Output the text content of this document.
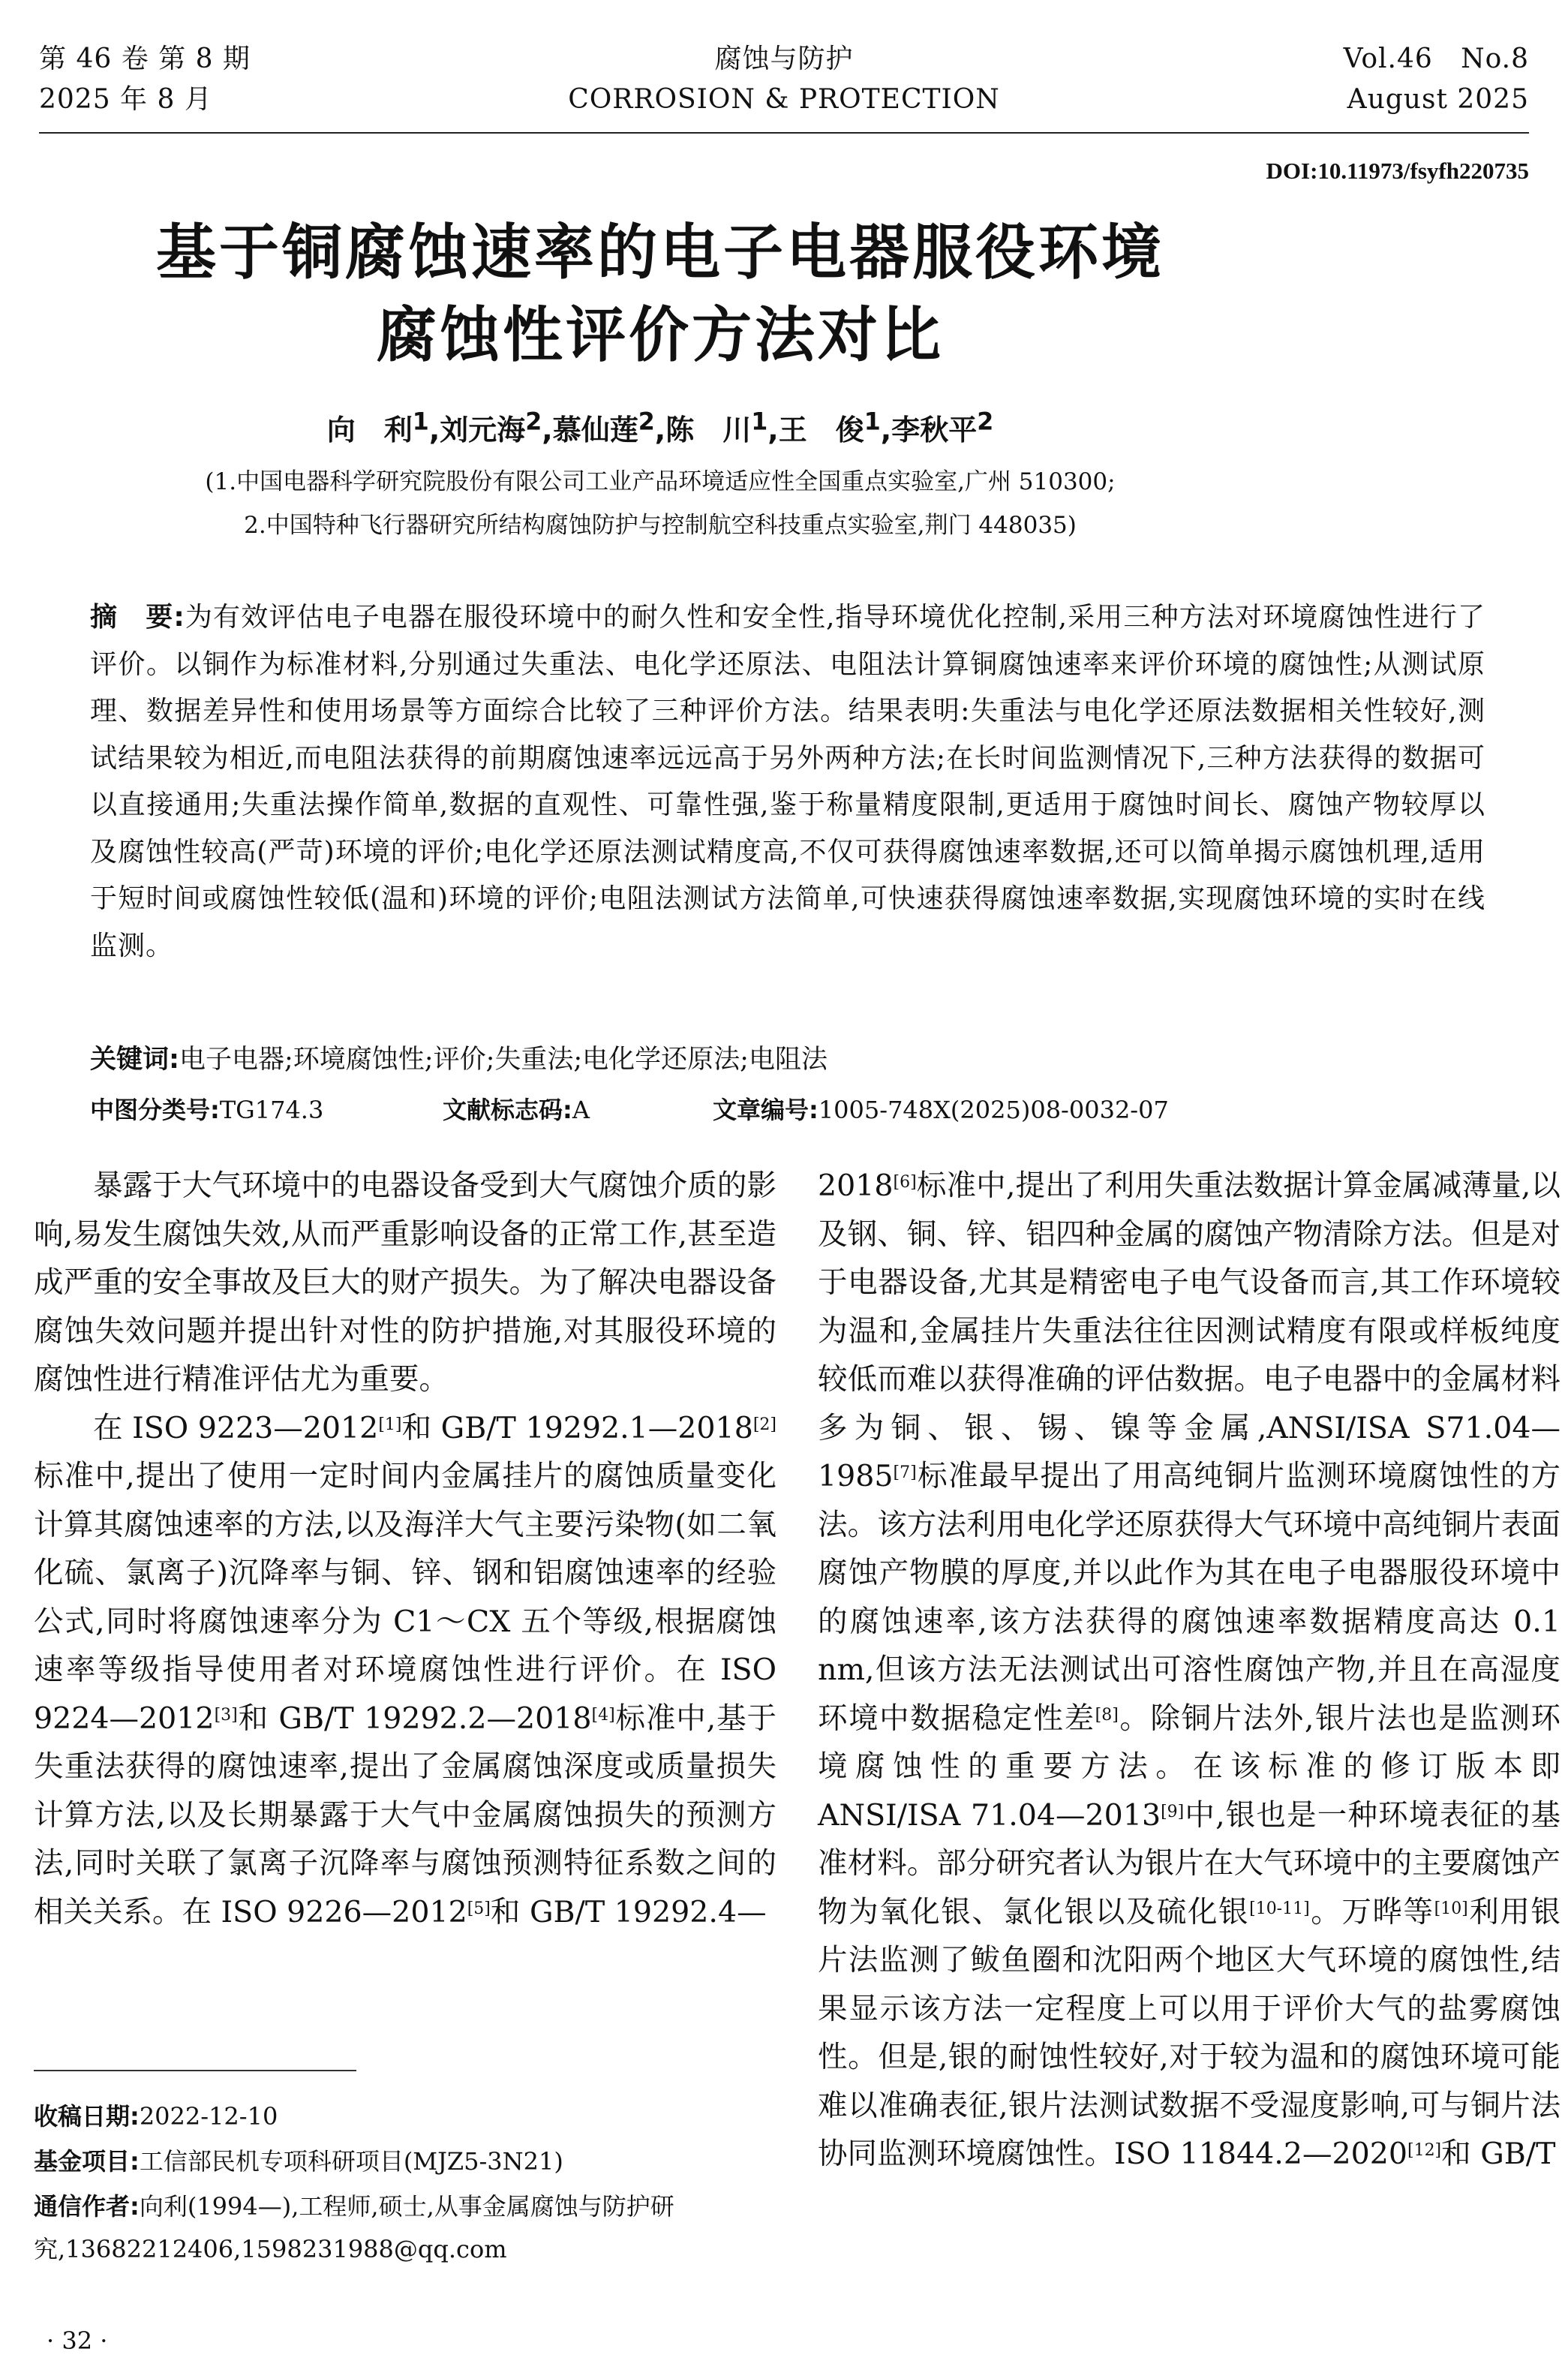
第 46 卷 第 8 期
2025 年 8 月
腐蚀与防护
CORROSION & PROTECTION
Vol.46   No.8
August 2025
DOI:10.11973/fsyfh220735
基于铜腐蚀速率的电子电器服役环境
腐蚀性评价方法对比
向　利$^1$,刘元海$^2$,慕仙莲$^2$,陈　川$^1$,王　俊$^1$,李秋平$^2$
(1.中国电器科学研究院股份有限公司工业产品环境适应性全国重点实验室,广州 510300;
2.中国特种飞行器研究所结构腐蚀防护与控制航空科技重点实验室,荆门 448035)
摘　要:为有效评估电子电器在服役环境中的耐久性和安全性,指导环境优化控制,采用三种方法对环境腐蚀性进行了评价。以铜作为标准材料,分别通过失重法、电化学还原法、电阻法计算铜腐蚀速率来评价环境的腐蚀性;从测试原理、数据差异性和使用场景等方面综合比较了三种评价方法。结果表明:失重法与电化学还原法数据相关性较好,测试结果较为相近,而电阻法获得的前期腐蚀速率远远高于另外两种方法;在长时间监测情况下,三种方法获得的数据可以直接通用;失重法操作简单,数据的直观性、可靠性强,鉴于称量精度限制,更适用于腐蚀时间长、腐蚀产物较厚以及腐蚀性较高(严苛)环境的评价;电化学还原法测试精度高,不仅可获得腐蚀速率数据,还可以简单揭示腐蚀机理,适用于短时间或腐蚀性较低(温和)环境的评价;电阻法测试方法简单,可快速获得腐蚀速率数据,实现腐蚀环境的实时在线监测。
关键词:电子电器;环境腐蚀性;评价;失重法;电化学还原法;电阻法
中图分类号:TG174.3	文献标志码:A	文章编号:1005-748X(2025)08-0032-07

暴露于大气环境中的电器设备受到大气腐蚀介质的影响,易发生腐蚀失效,从而严重影响设备的正常工作,甚至造成严重的安全事故及巨大的财产损失。为了解决电器设备腐蚀失效问题并提出针对性的防护措施,对其服役环境的腐蚀性进行精准评估尤为重要。

在 ISO 9223—2012[1]和 GB/T 19292.1—2018[2]标准中,提出了使用一定时间内金属挂片的腐蚀质量变化计算其腐蚀速率的方法,以及海洋大气主要污染物(如二氧化硫、氯离子)沉降率与铜、锌、钢和铝腐蚀速率的经验公式,同时将腐蚀速率分为 C1～CX 五个等级,根据腐蚀速率等级指导使用者对环境腐蚀性进行评价。在 ISO 9224—2012[3]和 GB/T 19292.2—2018[4]标准中,基于失重法获得的腐蚀速率,提出了金属腐蚀深度或质量损失计算方法,以及长期暴露于大气中金属腐蚀损失的预测方法,同时关联了氯离子沉降率与腐蚀预测特征系数之间的相关关系。在 ISO 9226—2012[5]和 GB/T 19292.4—

2018[6]标准中,提出了利用失重法数据计算金属减薄量,以及钢、铜、锌、铝四种金属的腐蚀产物清除方法。但是对于电器设备,尤其是精密电子电气设备而言,其工作环境较为温和,金属挂片失重法往往因测试精度有限或样板纯度较低而难以获得准确的评估数据。电子电器中的金属材料多为铜、银、锡、镍等金属,ANSI/ISA S71.04—1985[7]标准最早提出了用高纯铜片监测环境腐蚀性的方法。该方法利用电化学还原获得大气环境中高纯铜片表面腐蚀产物膜的厚度,并以此作为其在电子电器服役环境中的腐蚀速率,该方法获得的腐蚀速率数据精度高达 0.1 nm,但该方法无法测试出可溶性腐蚀产物,并且在高湿度环境中数据稳定性差[8]。除铜片法外,银片法也是监测环境腐蚀性的重要方法。在该标准的修订版本即 ANSI/ISA 71.04—2013[9]中,银也是一种环境表征的基准材料。部分研究者认为银片在大气环境中的主要腐蚀产物为氧化银、氯化银以及硫化银[10-11]。万晔等[10]利用银片法监测了鲅鱼圈和沈阳两个地区大气环境的腐蚀性,结果显示该方法一定程度上可以用于评价大气的盐雾腐蚀性。但是,银的耐蚀性较好,对于较为温和的腐蚀环境可能难以准确表征,银片法测试数据不受湿度影响,可与铜片法协同监测环境腐蚀性。ISO 11844.2—2020[12]和 GB/T

收稿日期:2022-12-10
基金项目:工信部民机专项科研项目(MJZ5-3N21)
通信作者:向利(1994—),工程师,硕士,从事金属腐蚀与防护研究,13682212406,1598231988@qq.com
· 32 ·
